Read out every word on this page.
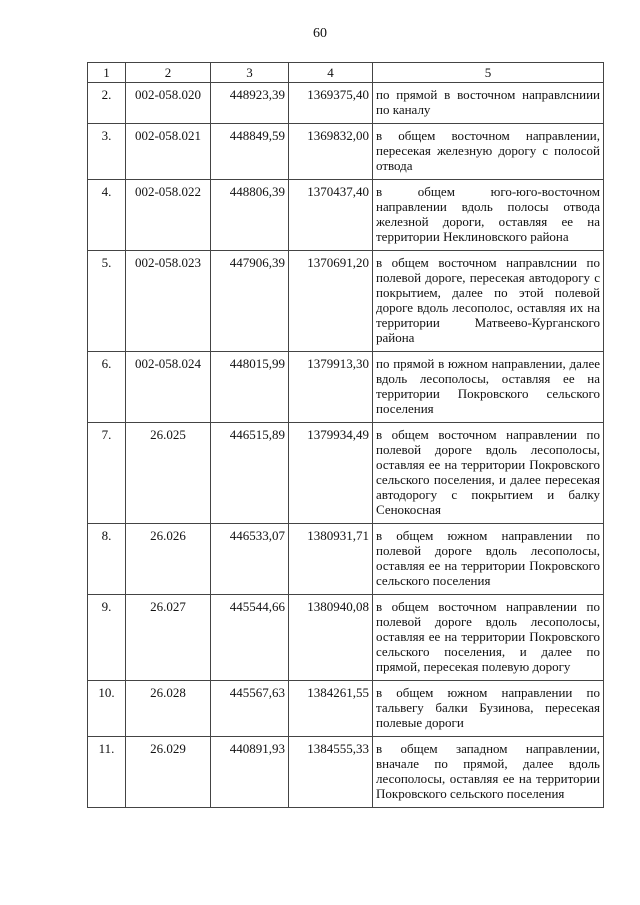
60
1	2	3	4	5
2.	002-058.020	448923,39	1369375,40	по прямой в восточном направлсниии по каналу
3.	002-058.021	448849,59	1369832,00	в общем восточном направлении, пересекая железную дорогу с полосой отвода
4.	002-058.022	448806,39	1370437,40	в общем юго-юго-восточном направлении вдоль полосы отвода железной дороги, оставляя ее на территории Неклиновского района
5.	002-058.023	447906,39	1370691,20	в общем восточном направлснии по полевой дороге, пересекая автодорогу с покрытием, далее по этой полевой дороге вдоль лесополос, оставляя их на территории Матвеево-Курганского района
6.	002-058.024	448015,99	1379913,30	по прямой в южном направлении, далее вдоль лесополосы, оставляя ее на территории Покровского сельского поселения
7.	26.025	446515,89	1379934,49	в общем восточном направлении по полевой дороге вдоль лесополосы, оставляя ее на территории Покровского сельского поселения, и далее пересекая автодорогу с покрытием и балку Сенокосная
8.	26.026	446533,07	1380931,71	в общем южном направлении по полевой дороге вдоль лесополосы, оставляя ее на территории Покровского сельского поселения
9.	26.027	445544,66	1380940,08	в общем восточном направлении по полевой дороге вдоль лесополосы, оставляя ее на территории Покровского сельского поселения, и далее по прямой, пересекая полевую дорогу
10.	26.028	445567,63	1384261,55	в общем южном направлении по тальвегу балки Бузинова, пересекая полевые дороги
11.	26.029	440891,93	1384555,33	в общем западном направлении, вначале по прямой, далее вдоль лесополосы, оставляя ее на территории Покровского сельского поселения
